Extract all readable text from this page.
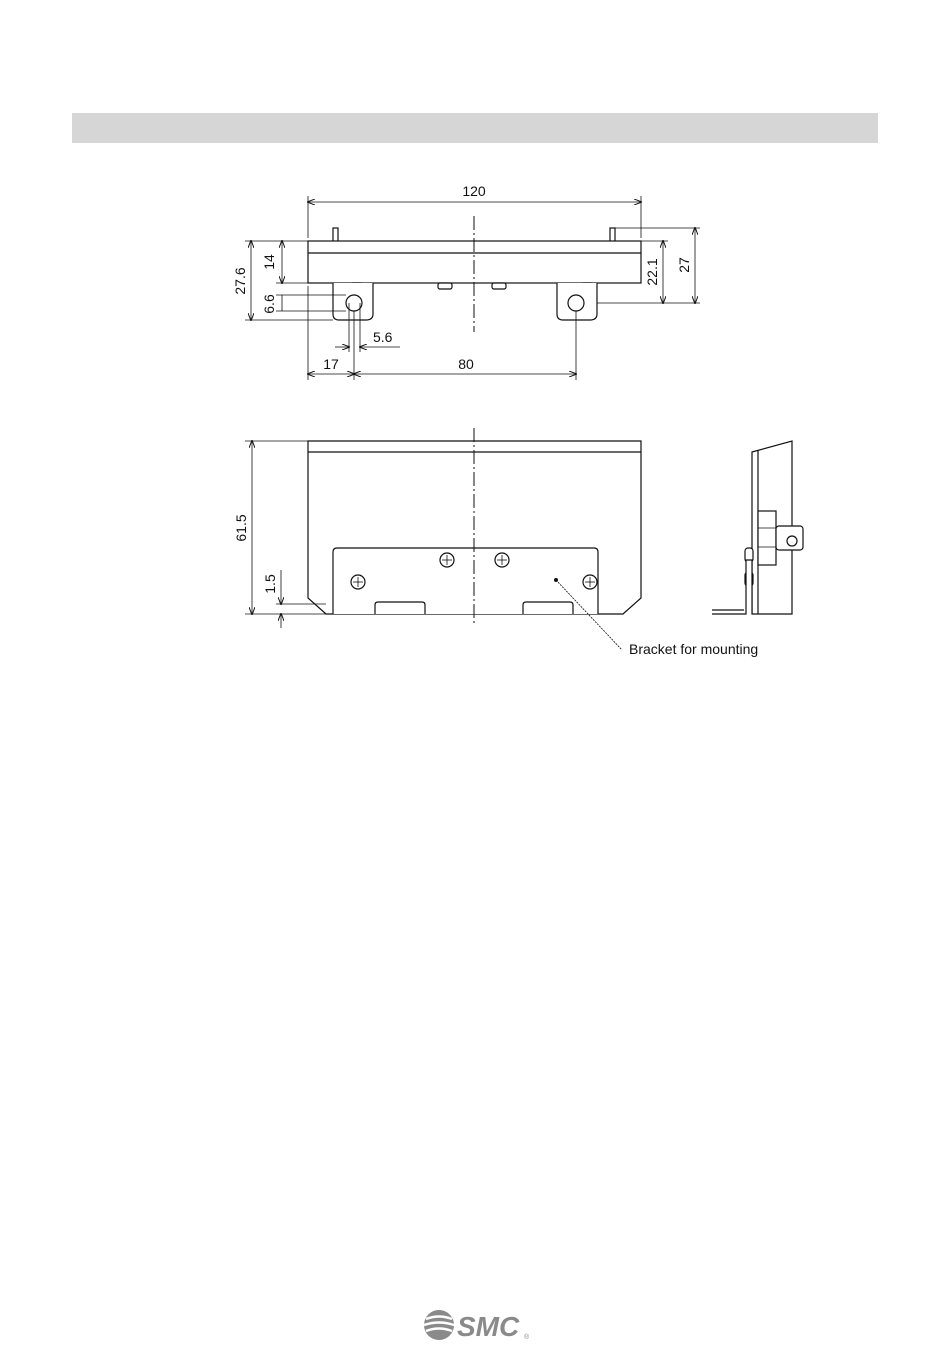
120
27.6
14
6.6
22.1 27
5.6
17	80
61.5
1.5
Bracket for mounting
SMC ®
